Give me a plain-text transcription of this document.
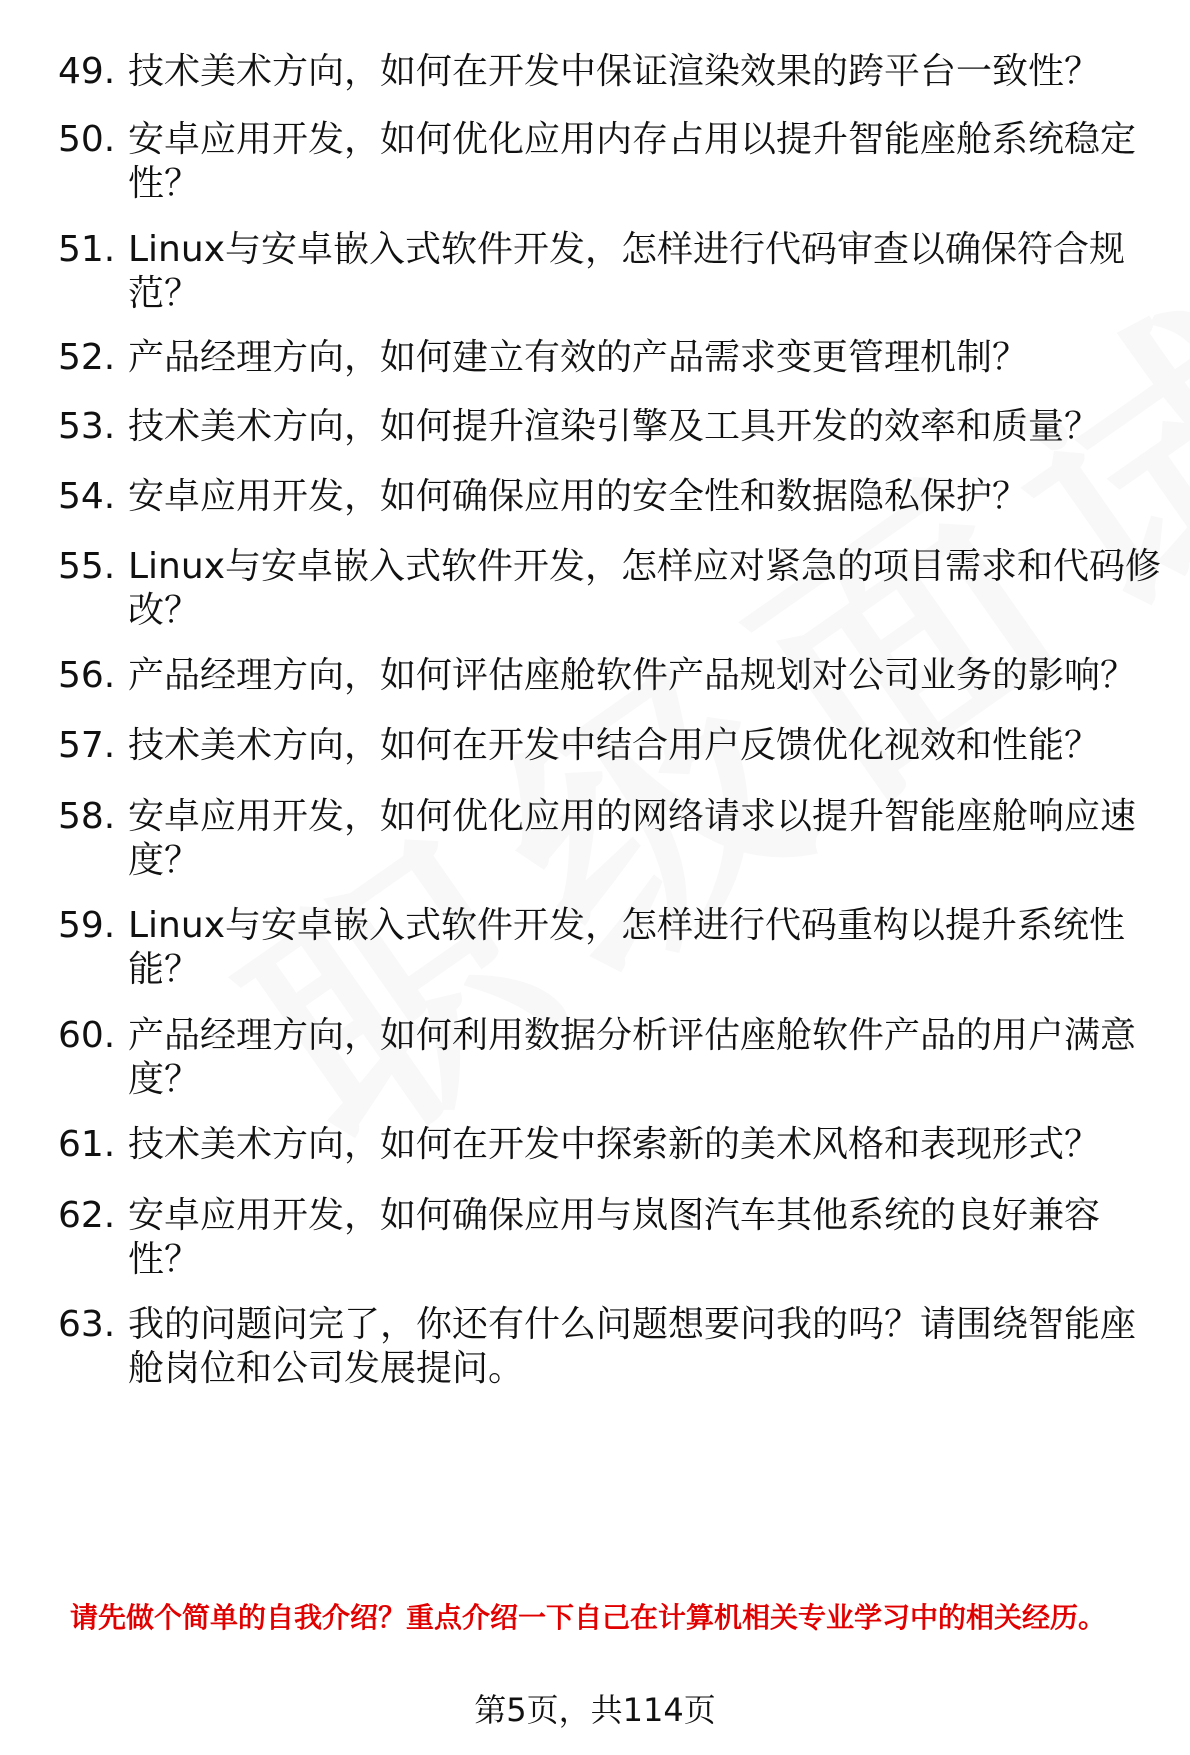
49. 技术美术方向，如何在开发中保证渲染效果的跨平台一致性？
50. 安卓应用开发，如何优化应用内存占用以提升智能座舱系统稳定性？
51. Linux与安卓嵌入式软件开发，怎样进行代码审查以确保符合规范？
52. 产品经理方向，如何建立有效的产品需求变更管理机制？
53. 技术美术方向，如何提升渲染引擎及工具开发的效率和质量？
54. 安卓应用开发，如何确保应用的安全性和数据隐私保护？
55. Linux与安卓嵌入式软件开发，怎样应对紧急的项目需求和代码修改？
56. 产品经理方向，如何评估座舱软件产品规划对公司业务的影响？
57. 技术美术方向，如何在开发中结合用户反馈优化视效和性能？
58. 安卓应用开发，如何优化应用的网络请求以提升智能座舱响应速度？
59. Linux与安卓嵌入式软件开发，怎样进行代码重构以提升系统性能？
60. 产品经理方向，如何利用数据分析评估座舱软件产品的用户满意度？
61. 技术美术方向，如何在开发中探索新的美术风格和表现形式？
62. 安卓应用开发，如何确保应用与岚图汽车其他系统的良好兼容性？
63. 我的问题问完了，你还有什么问题想要问我的吗？请围绕智能座舱岗位和公司发展提问。
请先做个简单的自我介绍？重点介绍一下自己在计算机相关专业学习中的相关经历。
第5页，共114页
